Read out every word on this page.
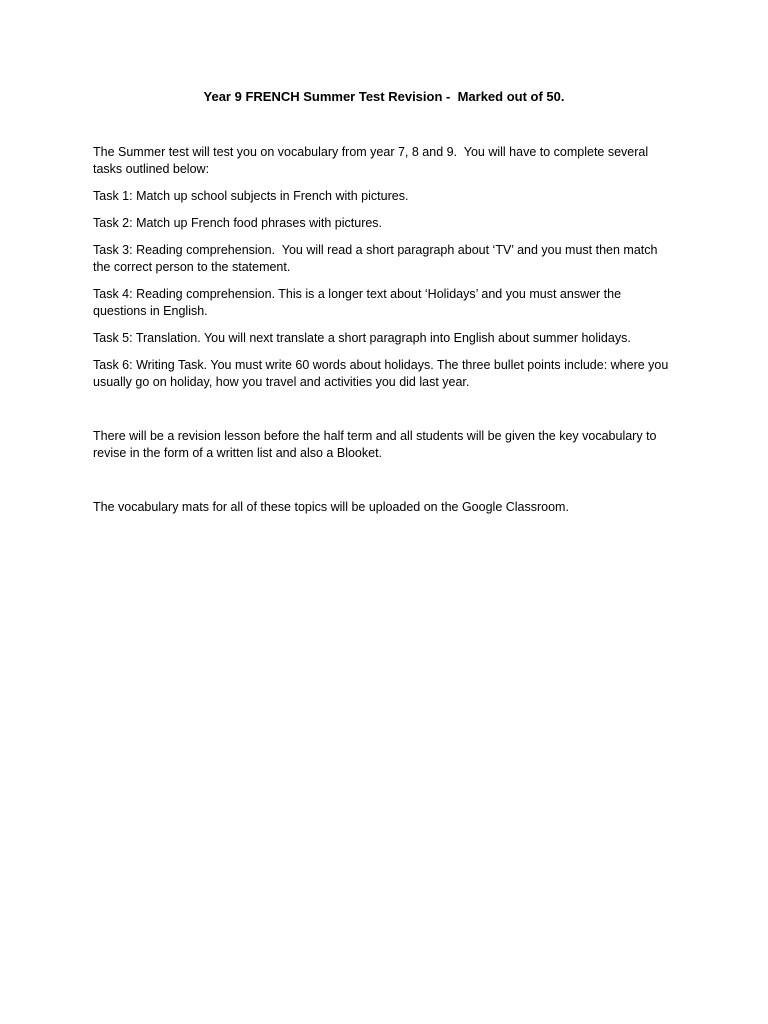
Year 9 FRENCH Summer Test Revision -  Marked out of 50.

The Summer test will test you on vocabulary from year 7, 8 and 9.  You will have to complete several tasks outlined below:

Task 1: Match up school subjects in French with pictures.

Task 2: Match up French food phrases with pictures.

Task 3: Reading comprehension.  You will read a short paragraph about ‘TV’ and you must then match the correct person to the statement.

Task 4: Reading comprehension. This is a longer text about ‘Holidays’ and you must answer the questions in English.

Task 5: Translation. You will next translate a short paragraph into English about summer holidays.

Task 6: Writing Task. You must write 60 words about holidays. The three bullet points include: where you usually go on holiday, how you travel and activities you did last year.

There will be a revision lesson before the half term and all students will be given the key vocabulary to revise in the form of a written list and also a Blooket.

The vocabulary mats for all of these topics will be uploaded on the Google Classroom.
